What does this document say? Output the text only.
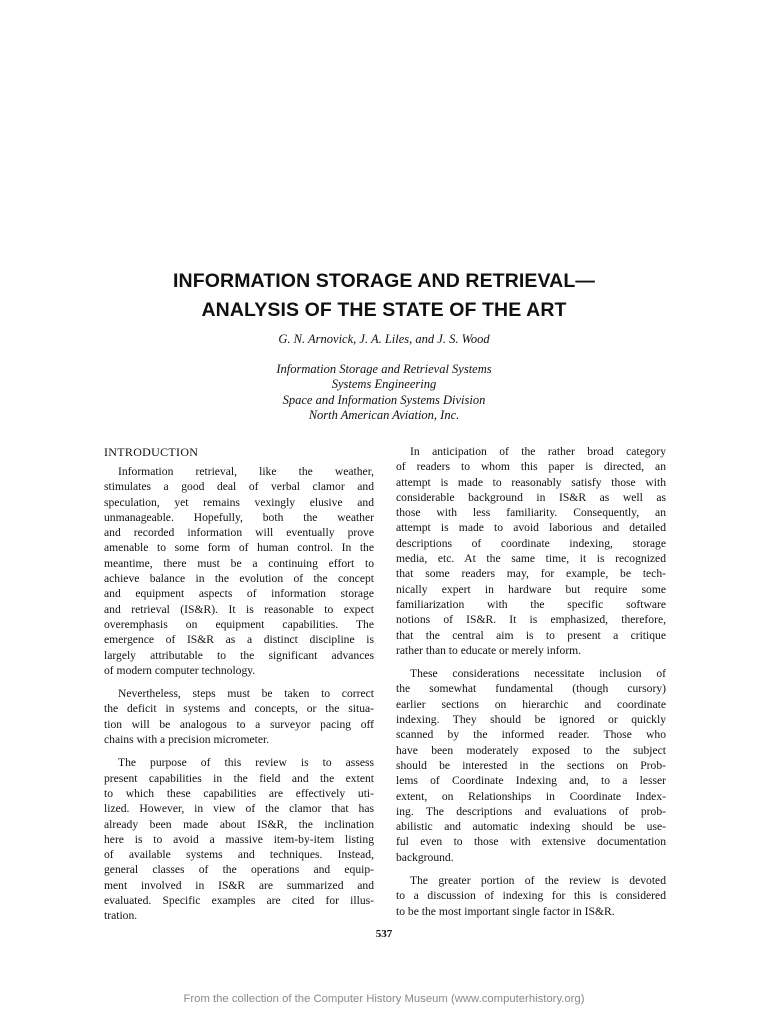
INFORMATION STORAGE AND RETRIEVAL—
ANALYSIS OF THE STATE OF THE ART
G. N. Arnovick, J. A. Liles, and J. S. Wood
Information Storage and Retrieval Systems
Systems Engineering
Space and Information Systems Division
North American Aviation, Inc.
INTRODUCTION
Information retrieval, like the weather,
stimulates a good deal of verbal clamor and
speculation, yet remains vexingly elusive and
unmanageable. Hopefully, both the weather
and recorded information will eventually prove
amenable to some form of human control. In the
meantime, there must be a continuing effort to
achieve balance in the evolution of the concept
and equipment aspects of information storage
and retrieval (IS&R). It is reasonable to expect
overemphasis on equipment capabilities. The
emergence of IS&R as a distinct discipline is
largely attributable to the significant advances
of modern computer technology.
Nevertheless, steps must be taken to correct
the deficit in systems and concepts, or the situa-
tion will be analogous to a surveyor pacing off
chains with a precision micrometer.
The purpose of this review is to assess
present capabilities in the field and the extent
to which these capabilities are effectively uti-
lized. However, in view of the clamor that has
already been made about IS&R, the inclination
here is to avoid a massive item-by-item listing
of available systems and techniques. Instead,
general classes of the operations and equip-
ment involved in IS&R are summarized and
evaluated. Specific examples are cited for illus-
tration.
In anticipation of the rather broad category
of readers to whom this paper is directed, an
attempt is made to reasonably satisfy those with
considerable background in IS&R as well as
those with less familiarity. Consequently, an
attempt is made to avoid laborious and detailed
descriptions of coordinate indexing, storage
media, etc. At the same time, it is recognized
that some readers may, for example, be tech-
nically expert in hardware but require some
familiarization with the specific software
notions of IS&R. It is emphasized, therefore,
that the central aim is to present a critique
rather than to educate or merely inform.
These considerations necessitate inclusion of
the somewhat fundamental (though cursory)
earlier sections on hierarchic and coordinate
indexing. They should be ignored or quickly
scanned by the informed reader. Those who
have been moderately exposed to the subject
should be interested in the sections on Prob-
lems of Coordinate Indexing and, to a lesser
extent, on Relationships in Coordinate Index-
ing. The descriptions and evaluations of prob-
abilistic and automatic indexing should be use-
ful even to those with extensive documentation
background.
The greater portion of the review is devoted
to a discussion of indexing for this is considered
to be the most important single factor in IS&R.
537
From the collection of the Computer History Museum (www.computerhistory.org)
